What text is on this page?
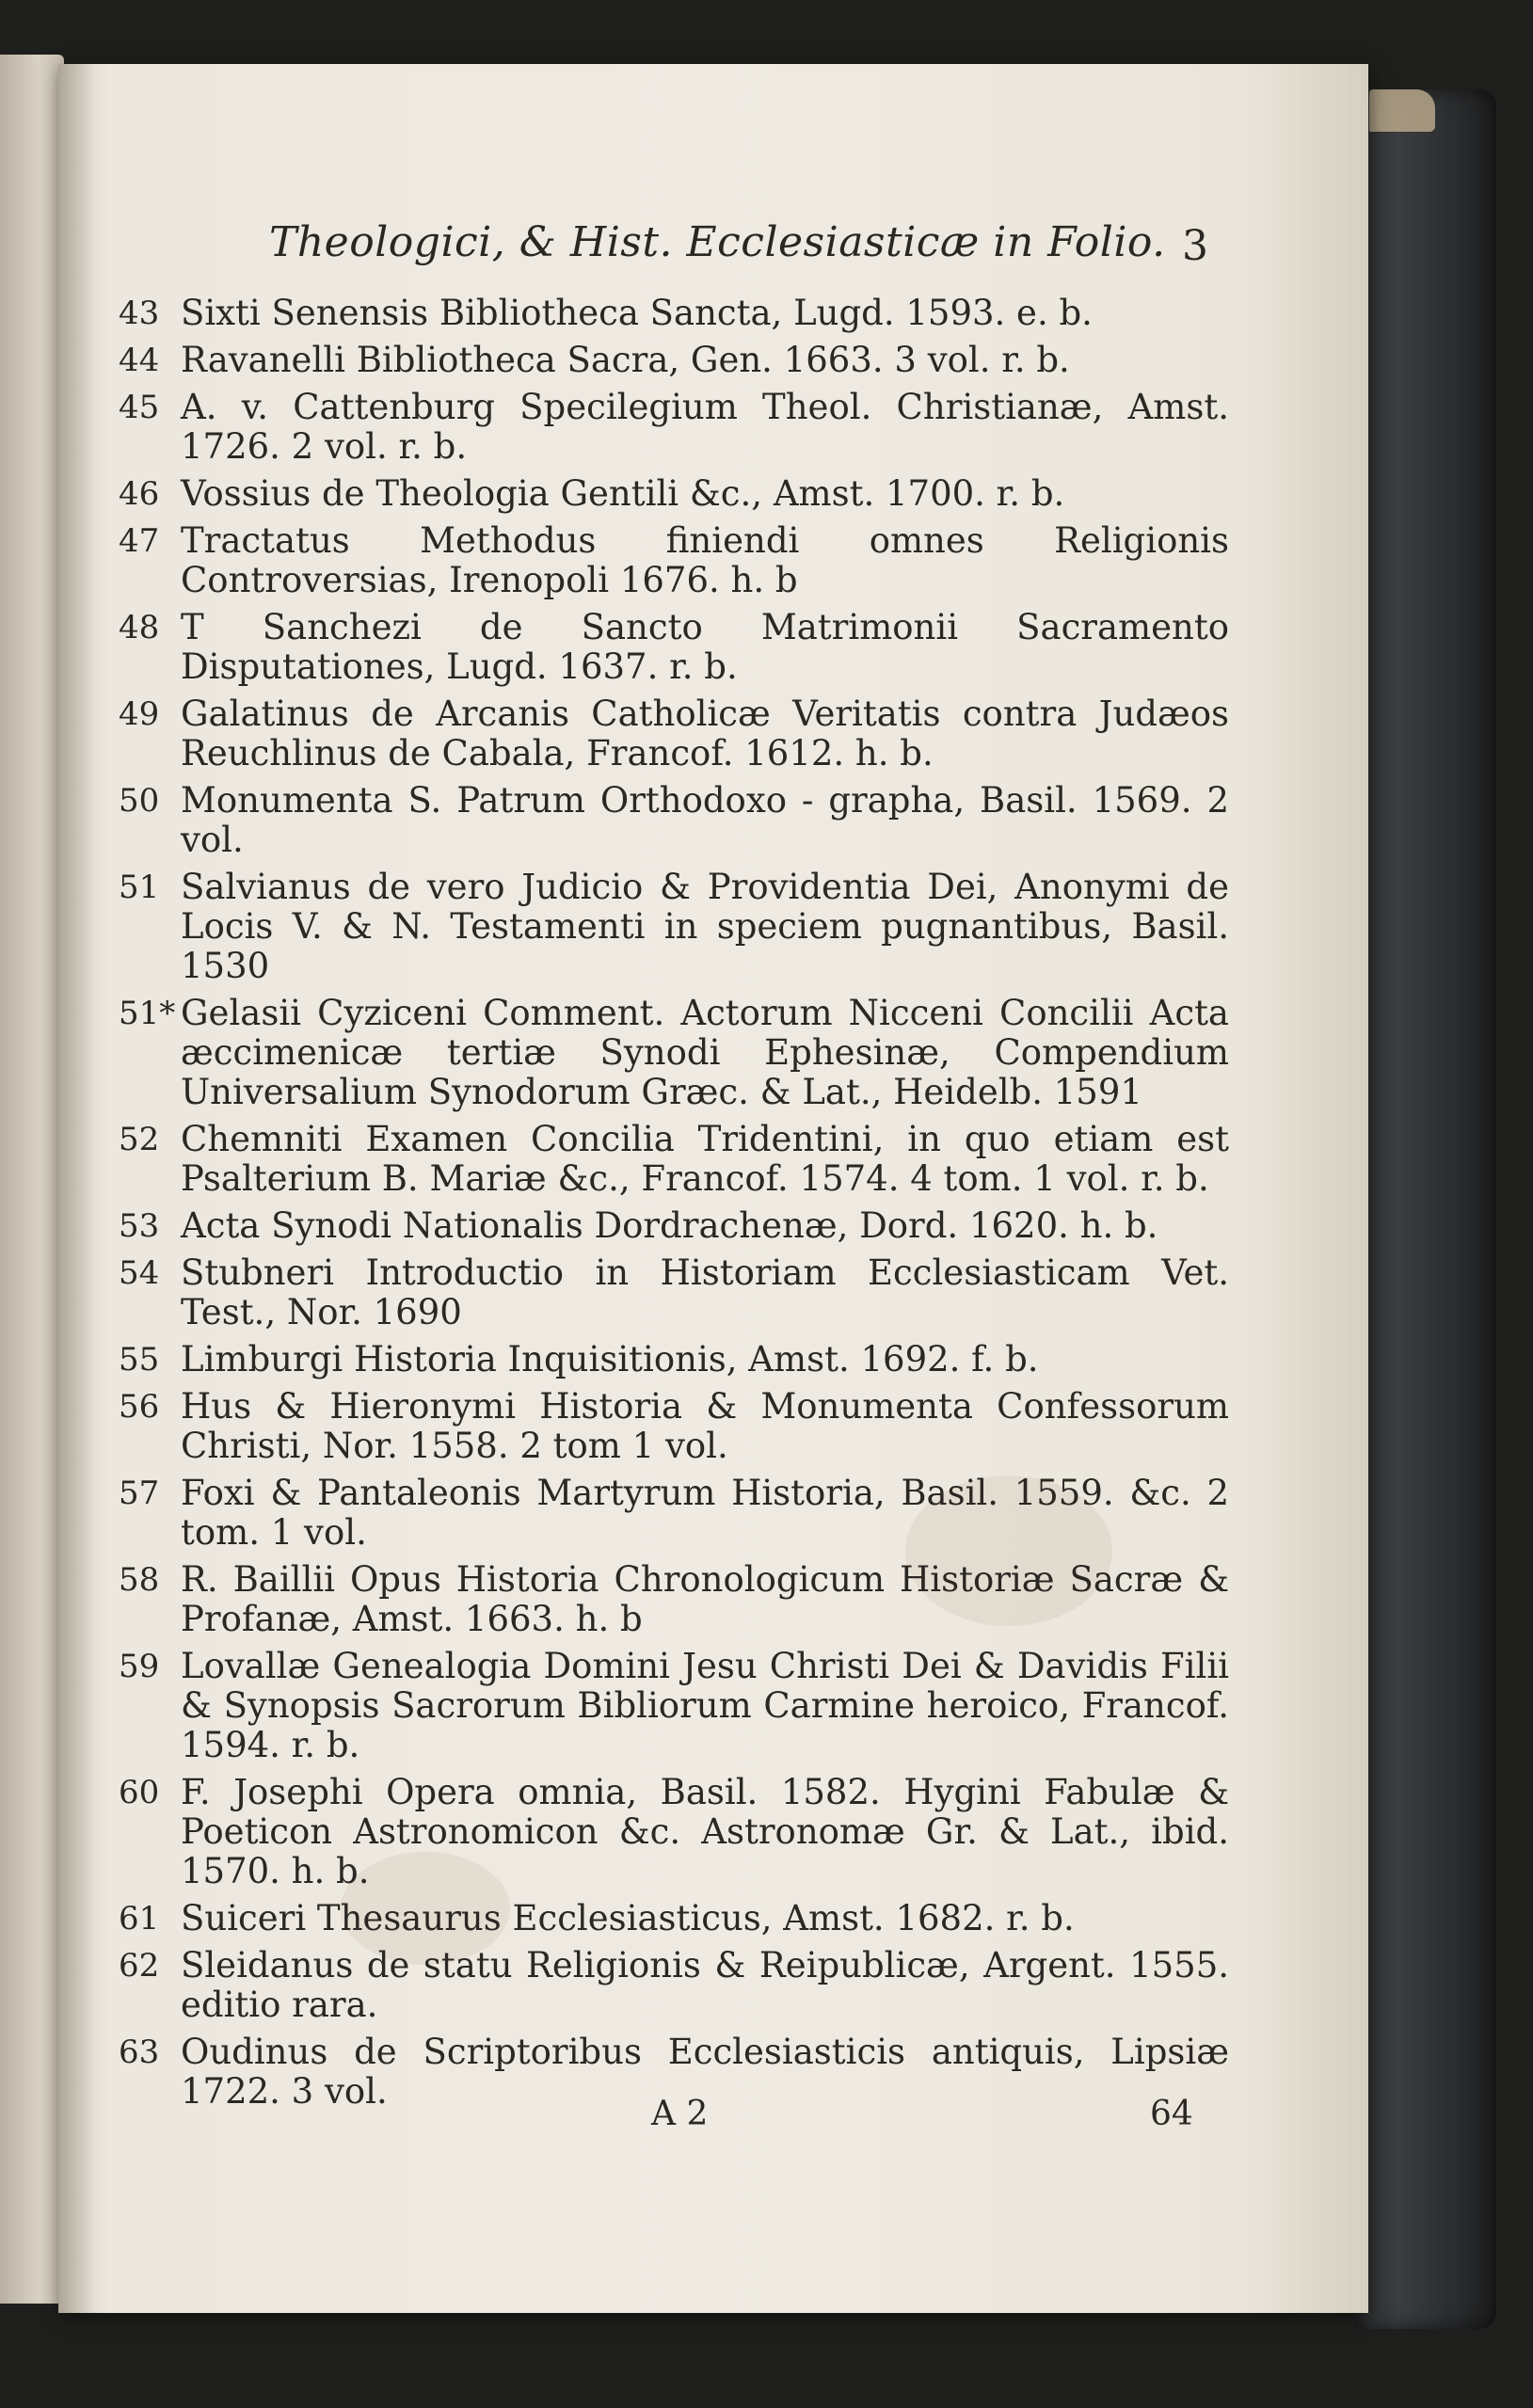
Theologici, & Hist. Ecclesiasticæ in Folio. 3
43 Sixti Senensis Bibliotheca Sancta, Lugd. 1593. e. b.
44 Ravanelli Bibliotheca Sacra, Gen. 1663. 3 vol. r. b.
45 A. v. Cattenburg Specilegium Theol. Christianæ, Amst. 1726. 2 vol. r. b.
46 Vossius de Theologia Gentili &c., Amst. 1700. r. b.
47 Tractatus Methodus finiendi omnes Religionis Controversias, Irenopoli 1676. h. b
48 T Sanchezi de Sancto Matrimonii Sacramento Disputationes, Lugd. 1637. r. b.
49 Galatinus de Arcanis Catholicæ Veritatis contra Judæos Reuchlinus de Cabala, Francof. 1612. h. b.
50 Monumenta S. Patrum Orthodoxo - grapha, Basil. 1569. 2 vol.
51 Salvianus de vero Judicio & Providentia Dei, Anonymi de Locis V. & N. Testamenti in speciem pugnantibus, Basil. 1530
51* Gelasii Cyziceni Comment. Actorum Nicceni Concilii Acta æccimenicæ tertiæ Synodi Ephesinæ, Compendium Universalium Synodorum Græc. & Lat., Heidelb. 1591
52 Chemniti Examen Concilia Tridentini, in quo etiam est Psalterium B. Mariæ &c., Francof. 1574. 4 tom. 1 vol. r. b.
53 Acta Synodi Nationalis Dordrachenæ, Dord. 1620. h. b.
54 Stubneri Introductio in Historiam Ecclesiasticam Vet. Test., Nor. 1690
55 Limburgi Historia Inquisitionis, Amst. 1692. f. b.
56 Hus & Hieronymi Historia & Monumenta Confessorum Christi, Nor. 1558. 2 tom 1 vol.
57 Foxi & Pantaleonis Martyrum Historia, Basil. 1559. &c. 2 tom. 1 vol.
58 R. Baillii Opus Historia Chronologicum Historiæ Sacræ & Profanæ, Amst. 1663. h. b
59 Lovallæ Genealogia Domini Jesu Christi Dei & Davidis Filii & Synopsis Sacrorum Bibliorum Carmine heroico, Francof. 1594. r. b.
60 F. Josephi Opera omnia, Basil. 1582. Hygini Fabulæ & Poeticon Astronomicon &c. Astronomæ Gr. & Lat., ibid. 1570. h. b.
61 Suiceri Thesaurus Ecclesiasticus, Amst. 1682. r. b.
62 Sleidanus de statu Religionis & Reipublicæ, Argent. 1555. editio rara.
63 Oudinus de Scriptoribus Ecclesiasticis antiquis, Lipsiæ 1722. 3 vol.
A 2	64
